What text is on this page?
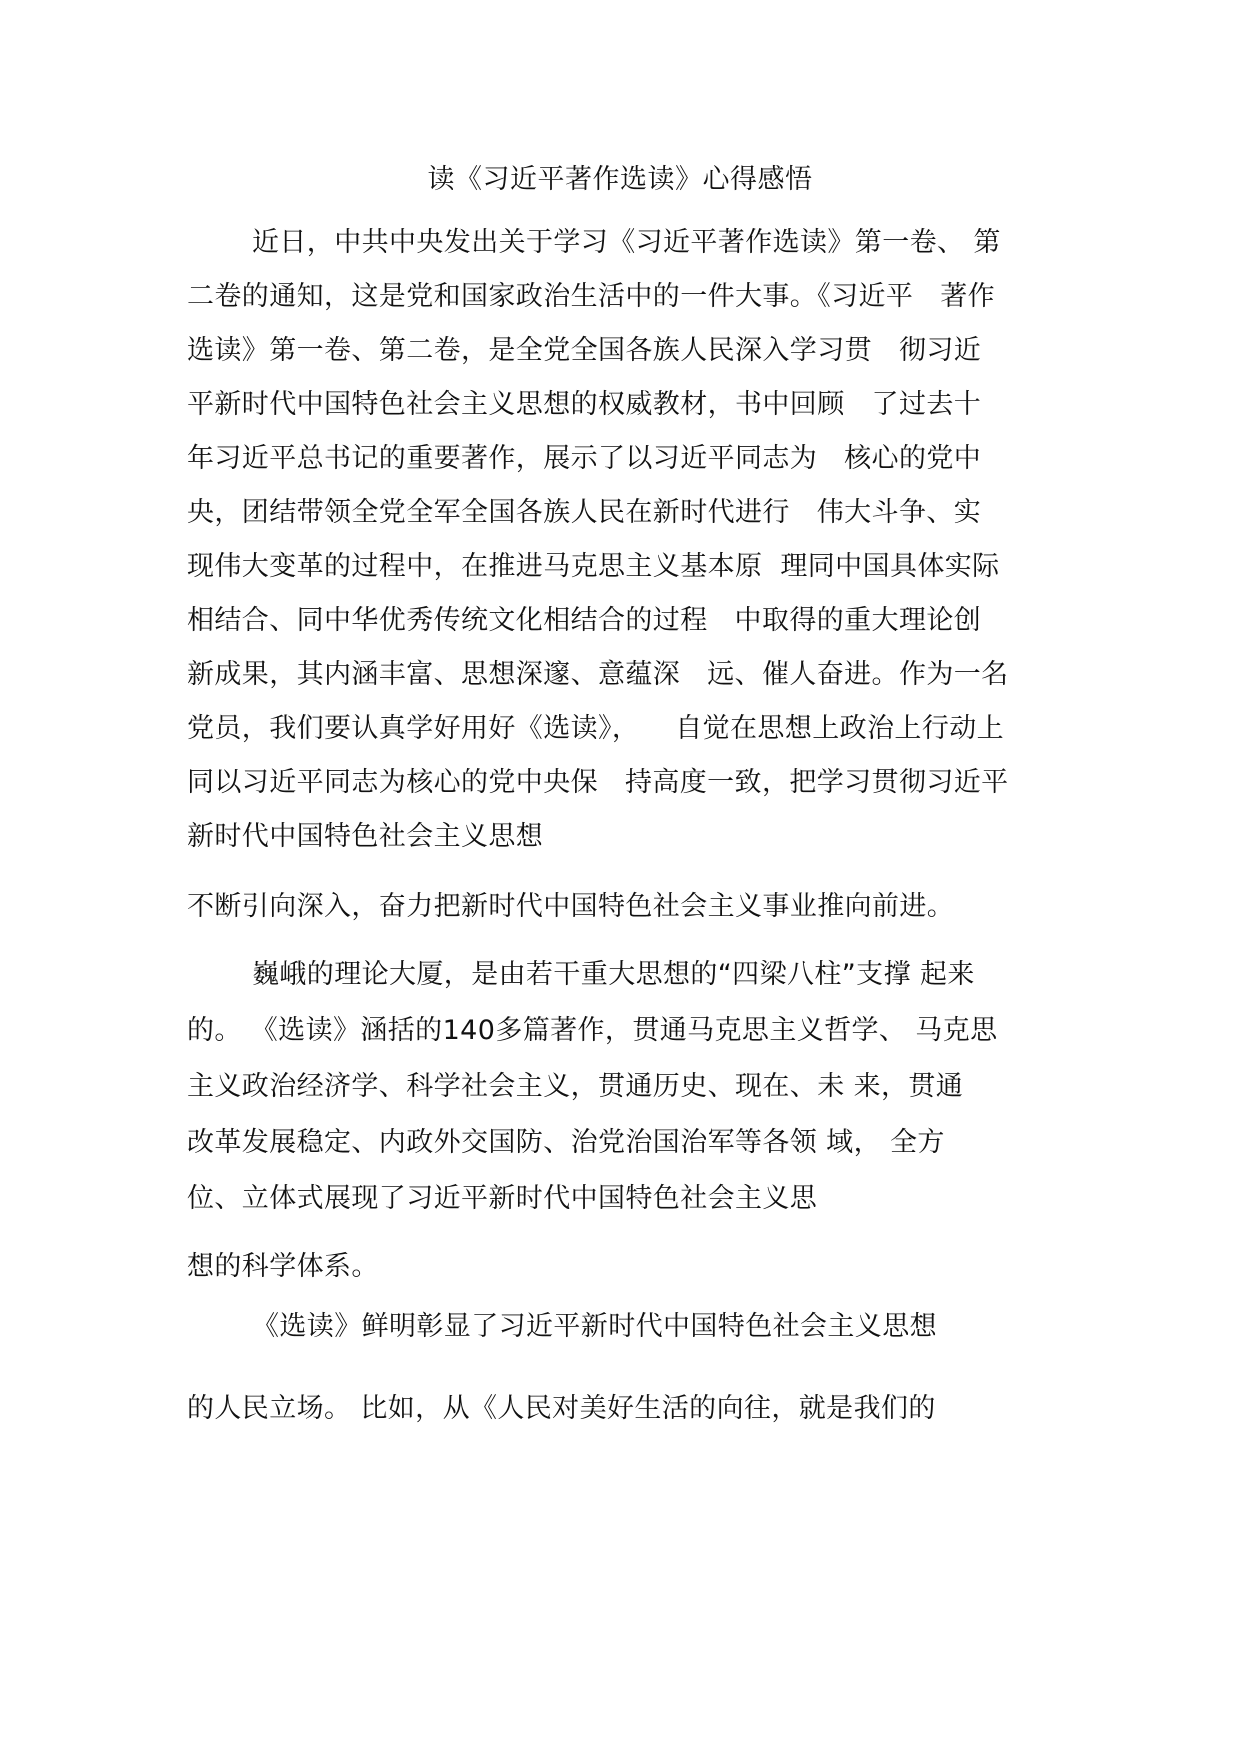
读《习近平著作选读》心得感悟
近日，中共中央发出关于学习《习近平著作选读》第一卷、 第
二卷的通知，这是党和国家政治生活中的一件大事。《习近平   著作
选读》第一卷、第二卷，是全党全国各族人民深入学习贯   彻习近
平新时代中国特色社会主义思想的权威教材，书中回顾   了过去十
年习近平总书记的重要著作，展示了以习近平同志为   核心的党中
央，团结带领全党全军全国各族人民在新时代进行   伟大斗争、实
现伟大变革的过程中，在推进马克思主义基本原  理同中国具体实际
相结合、同中华优秀传统文化相结合的过程   中取得的重大理论创
新成果，其内涵丰富、思想深邃、意蕴深   远、催人奋进。作为一名
党员，我们要认真学好用好《选读》，    自觉在思想上政治上行动上
同以习近平同志为核心的党中央保   持高度一致，把学习贯彻习近平
新时代中国特色社会主义思想
不断引向深入，奋力把新时代中国特色社会主义事业推向前进。
巍峨的理论大厦，是由若干重大思想的“四梁八柱”支撑 起来
的。 《选读》涵括的140多篇著作，贯通马克思主义哲学、 马克思
主义政治经济学、科学社会主义，贯通历史、现在、未 来，贯通
改革发展稳定、内政外交国防、治党治国治军等各领 域， 全方
位、立体式展现了习近平新时代中国特色社会主义思
想的科学体系。
《选读》鲜明彰显了习近平新时代中国特色社会主义思想
的人民立场。 比如，从《人民对美好生活的向往，就是我们的
